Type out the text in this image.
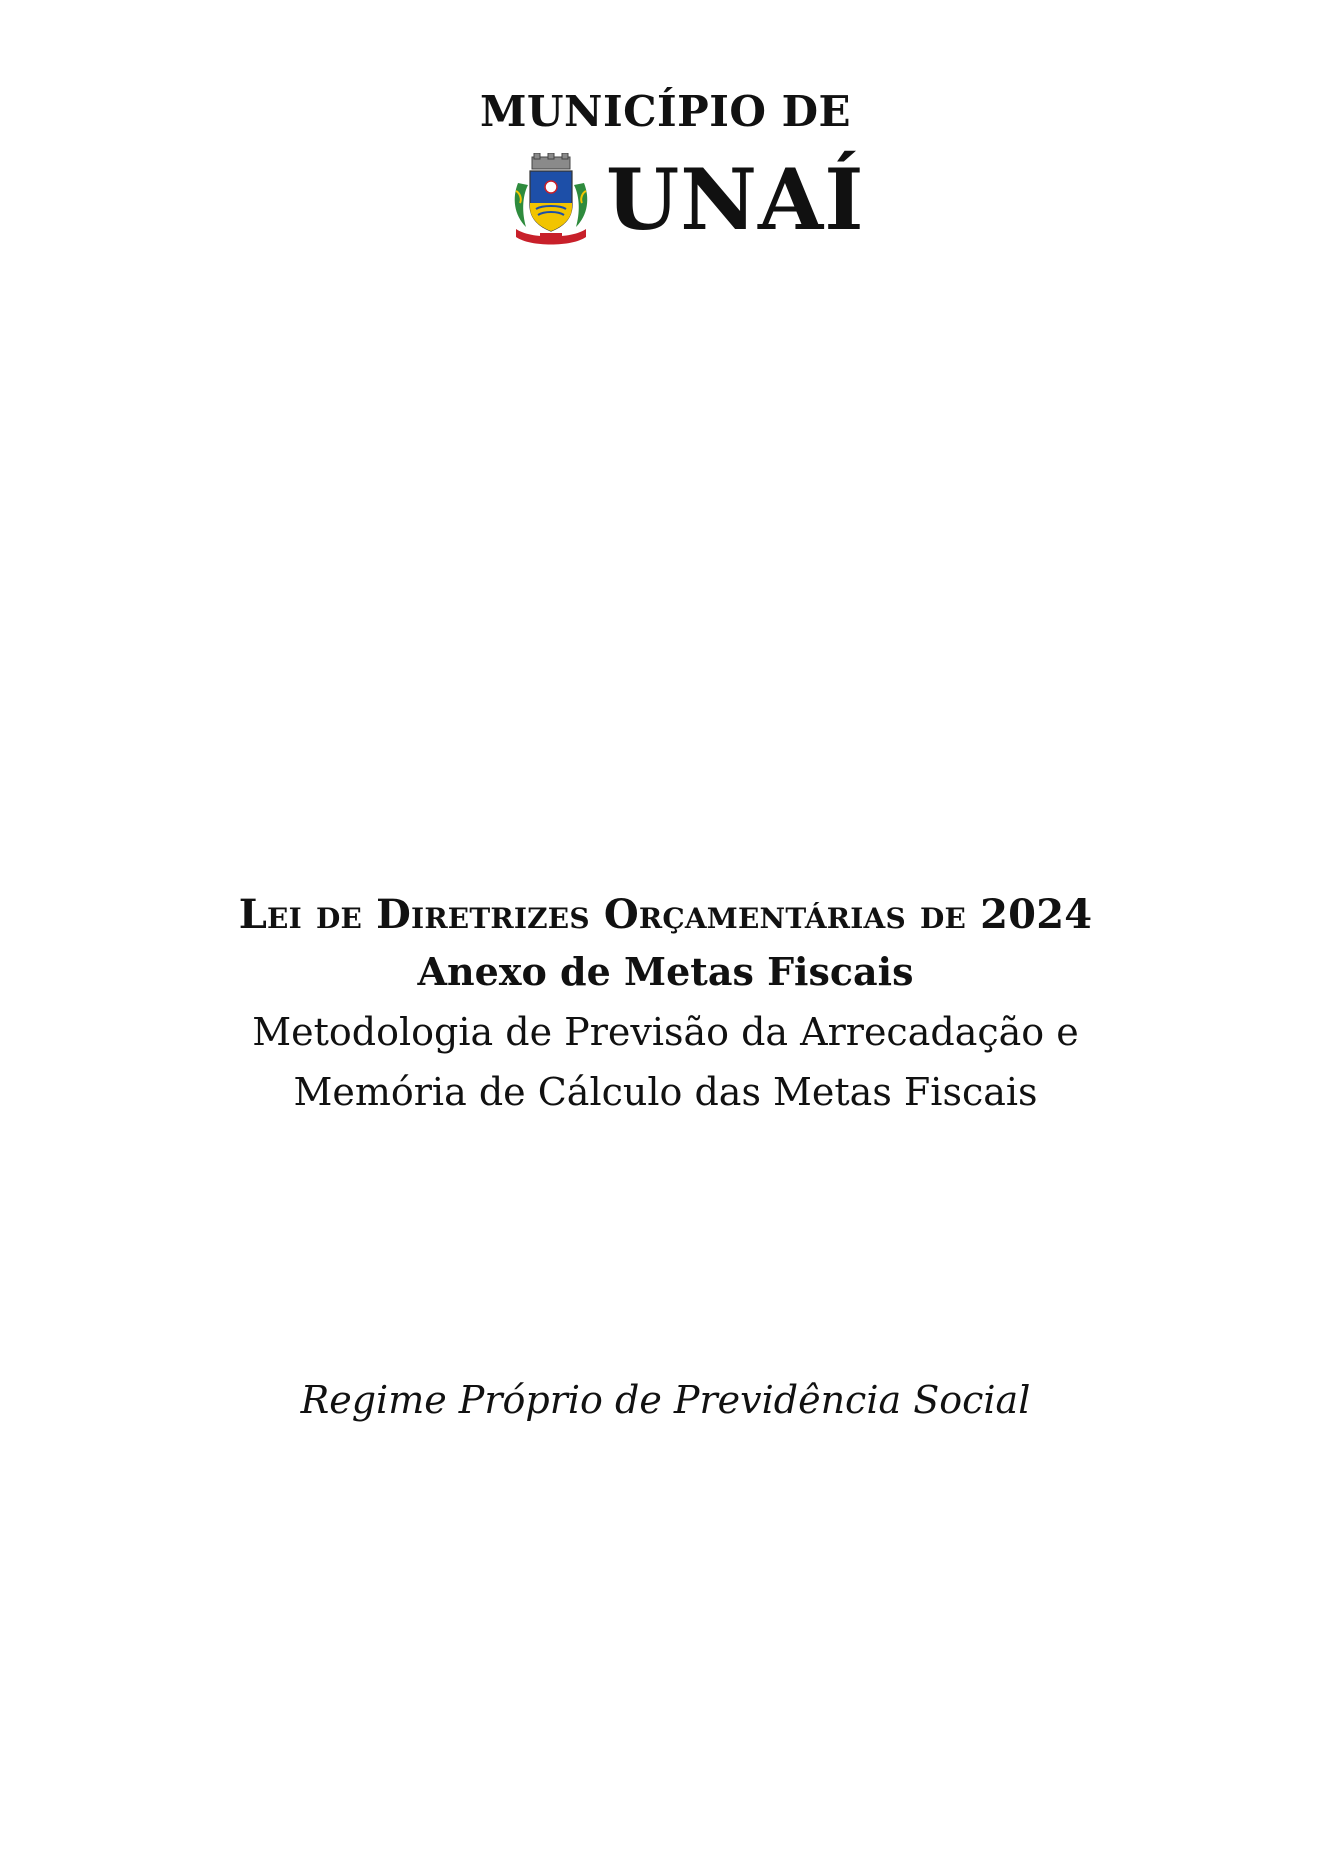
MUNICÍPIO DE
UNAÍ
Lei de Diretrizes Orçamentárias de 2024
Anexo de Metas Fiscais
Metodologia de Previsão da Arrecadação e
Memória de Cálculo das Metas Fiscais
Regime Próprio de Previdência Social
